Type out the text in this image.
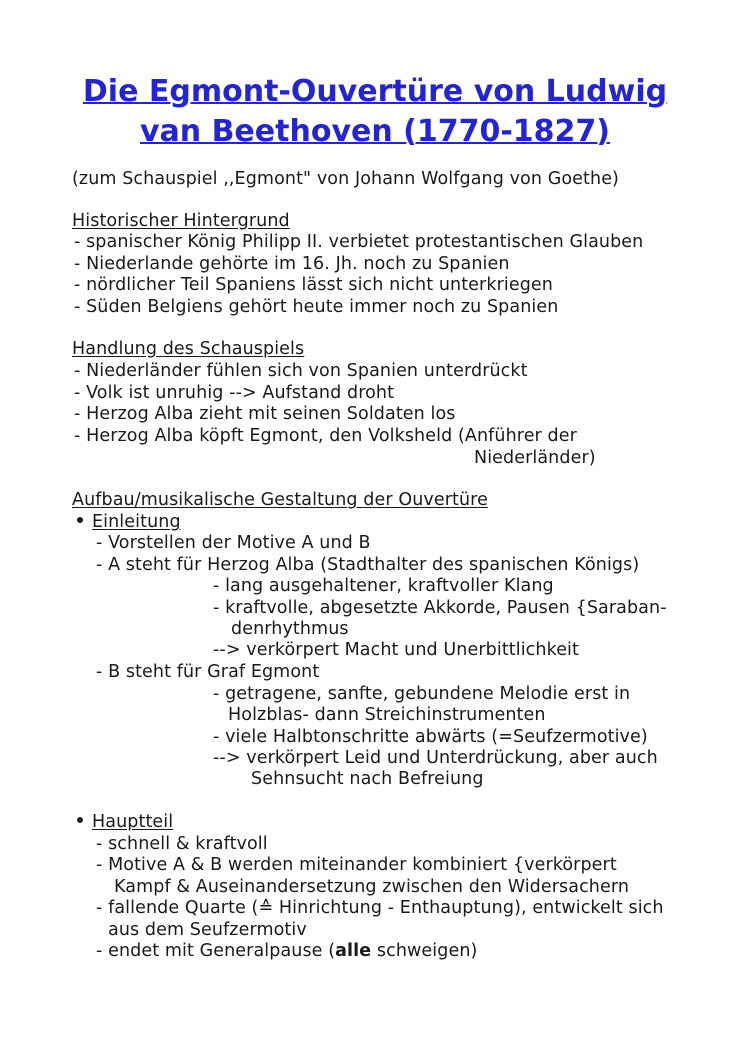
Die Egmont-Ouvertüre von Ludwig
van Beethoven (1770-1827)
(zum Schauspiel ,,Egmont" von Johann Wolfgang von Goethe)
Historischer Hintergrund
- spanischer König Philipp II. verbietet protestantischen Glauben
- Niederlande gehörte im 16. Jh. noch zu Spanien
- nördlicher Teil Spaniens lässt sich nicht unterkriegen
- Süden Belgiens gehört heute immer noch zu Spanien
Handlung des Schauspiels
- Niederländer fühlen sich von Spanien unterdrückt
- Volk ist unruhig --> Aufstand droht
- Herzog Alba zieht mit seinen Soldaten los
- Herzog Alba köpft Egmont, den Volksheld (Anführer der
Niederländer)
Aufbau/musikalische Gestaltung der Ouvertüre
Einleitung
- Vorstellen der Motive A und B
- A steht für Herzog Alba (Stadthalter des spanischen Königs)
- lang ausgehaltener, kraftvoller Klang
- kraftvolle, abgesetzte Akkorde, Pausen {Saraban-
denrhythmus
--> verkörpert Macht und Unerbittlichkeit
- B steht für Graf Egmont
- getragene, sanfte, gebundene Melodie erst in
Holzblas- dann Streichinstrumenten
- viele Halbtonschritte abwärts (=Seufzermotive)
--> verkörpert Leid und Unterdrückung, aber auch
Sehnsucht nach Befreiung
Hauptteil
- schnell & kraftvoll
- Motive A & B werden miteinander kombiniert {verkörpert
Kampf & Auseinandersetzung zwischen den Widersachern
- fallende Quarte (≙ Hinrichtung - Enthauptung), entwickelt sich
aus dem Seufzermotiv
- endet mit Generalpause (alle schweigen)
